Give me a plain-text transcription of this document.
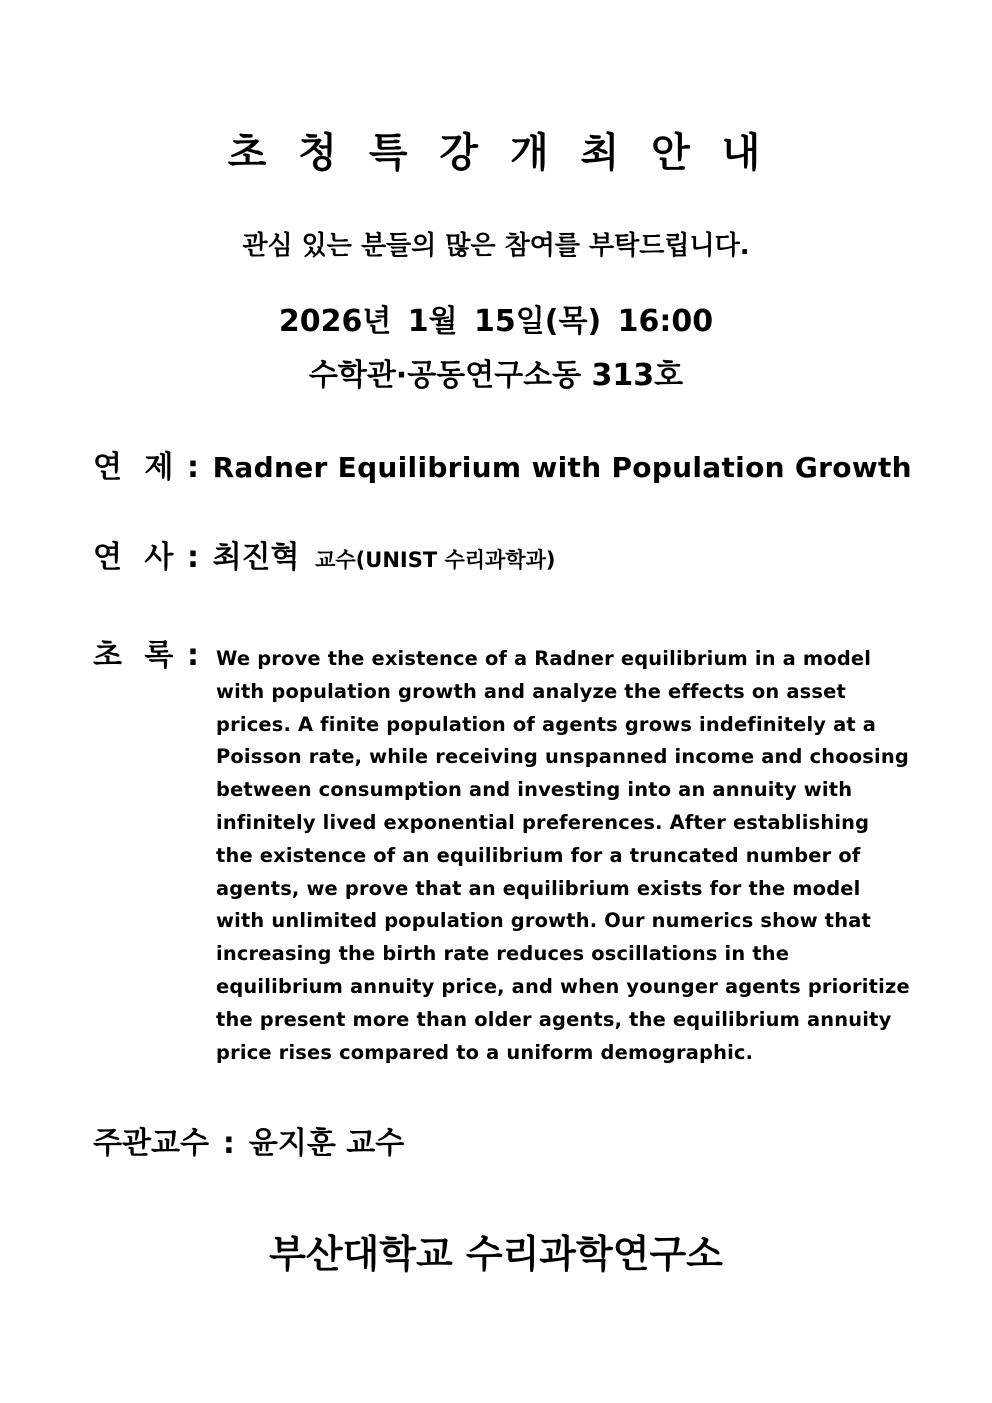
초 청 특 강 개 최 안 내
관심 있는 분들의 많은 참여를 부탁드립니다.
2026년 1월 15일(목) 16:00
수학관·공동연구소동 313호
연 제 : Radner Equilibrium with Population Growth
연 사 : 최진혁 교수(UNIST 수리과학과)
초 록 : We prove the existence of a Radner equilibrium in a model
with population growth and analyze the effects on asset
prices. A finite population of agents grows indefinitely at a
Poisson rate, while receiving unspanned income and choosing
between consumption and investing into an annuity with
infinitely lived exponential preferences. After establishing
the existence of an equilibrium for a truncated number of
agents, we prove that an equilibrium exists for the model
with unlimited population growth. Our numerics show that
increasing the birth rate reduces oscillations in the
equilibrium annuity price, and when younger agents prioritize
the present more than older agents, the equilibrium annuity
price rises compared to a uniform demographic.
주관교수 : 윤지훈 교수
부산대학교 수리과학연구소
